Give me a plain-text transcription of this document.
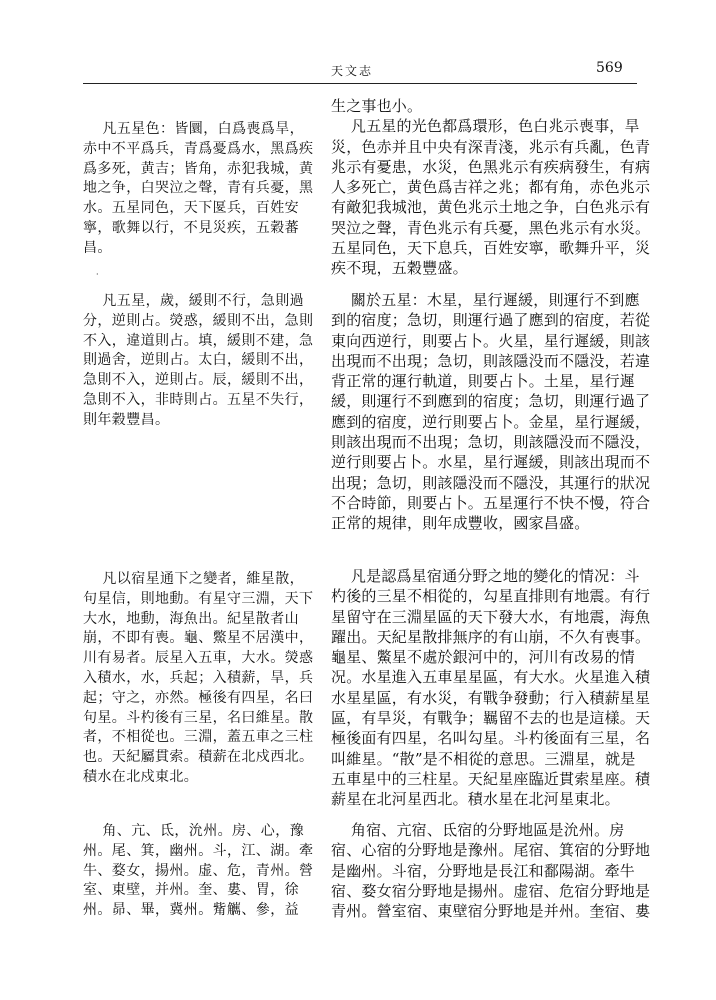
天文志	569
凡五星色：皆圜，白爲喪爲旱，
赤中不平爲兵，青爲憂爲水，黑爲疾
爲多死，黄吉；皆角，赤犯我城，黄
地之争，白哭泣之聲，青有兵憂，黑
水。五星同色，天下匽兵，百姓安
寧，歌舞以行，不見災疾，五穀蕃
昌。
·
凡五星，歲，緩則不行，急則過
分，逆則占。熒惑，緩則不出，急則
不入，違道則占。填，緩則不建，急
則過舍，逆則占。太白，緩則不出，
急則不入，逆則占。辰，緩則不出，
急則不入，非時則占。五星不失行，
則年穀豐昌。
凡以宿星通下之變者，維星散，
句星信，則地動。有星守三淵，天下
大水，地動，海魚出。紀星散者山
崩，不即有喪。龜、鱉星不居漢中，
川有易者。辰星入五車，大水。熒惑
入積水，水，兵起；入積薪，旱，兵
起；守之，亦然。極後有四星，名曰
句星。斗杓後有三星，名曰維星。散
者，不相從也。三淵，蓋五車之三柱
也。天紀屬貫索。積薪在北戍西北。
積水在北戍東北。
角、亢、氐，沇州。房、心，豫
州。尾、箕，幽州。斗，江、湖。牽
牛、婺女，揚州。虚、危，青州。營
室、東壁，并州。奎、婁、胃，徐
州。昴、畢，冀州。觜觽、參，益
生之事也小。
凡五星的光色都爲環形，色白兆示喪事，旱
災，色赤并且中央有深青淺，兆示有兵亂，色青
兆示有憂患，水災，色黑兆示有疾病發生，有病
人多死亡，黄色爲吉祥之兆；都有角，赤色兆示
有敵犯我城池，黄色兆示土地之争，白色兆示有
哭泣之聲，青色兆示有兵憂，黑色兆示有水災。
五星同色，天下息兵，百姓安寧，歌舞升平，災
疾不現，五穀豐盛。
關於五星：木星，星行遲緩，則運行不到應
到的宿度；急切，則運行過了應到的宿度，若從
東向西逆行，則要占卜。火星，星行遲緩，則該
出現而不出現；急切，則該隱没而不隱没，若違
背正常的運行軌道，則要占卜。土星，星行遲
緩，則運行不到應到的宿度；急切，則運行過了
應到的宿度，逆行則要占卜。金星，星行遲緩，
則該出現而不出現；急切，則該隱没而不隱没，
逆行則要占卜。水星，星行遲緩，則該出現而不
出現；急切，則該隱没而不隱没，其運行的狀况
不合時節，則要占卜。五星運行不快不慢，符合
正常的規律，則年成豐收，國家昌盛。
凡是認爲星宿通分野之地的變化的情况：斗
杓後的三星不相從的，勾星直排則有地震。有行
星留守在三淵星區的天下發大水，有地震，海魚
躍出。天紀星散排無序的有山崩，不久有喪事。
龜星、鱉星不處於銀河中的，河川有改易的情
况。水星進入五車星星區，有大水。火星進入積
水星星區，有水災，有戰争發動；行入積薪星星
區，有旱災，有戰争；羈留不去的也是這樣。天
極後面有四星，名叫勾星。斗杓後面有三星，名
叫維星。“散”是不相從的意思。三淵星，就是
五車星中的三柱星。天紀星座臨近貫索星座。積
薪星在北河星西北。積水星在北河星東北。
角宿、亢宿、氐宿的分野地區是沇州。房
宿、心宿的分野地是豫州。尾宿、箕宿的分野地
是幽州。斗宿，分野地是長江和鄱陽湖。牽牛
宿、婺女宿分野地是揚州。虚宿、危宿分野地是
青州。營室宿、東壁宿分野地是并州。奎宿、婁
